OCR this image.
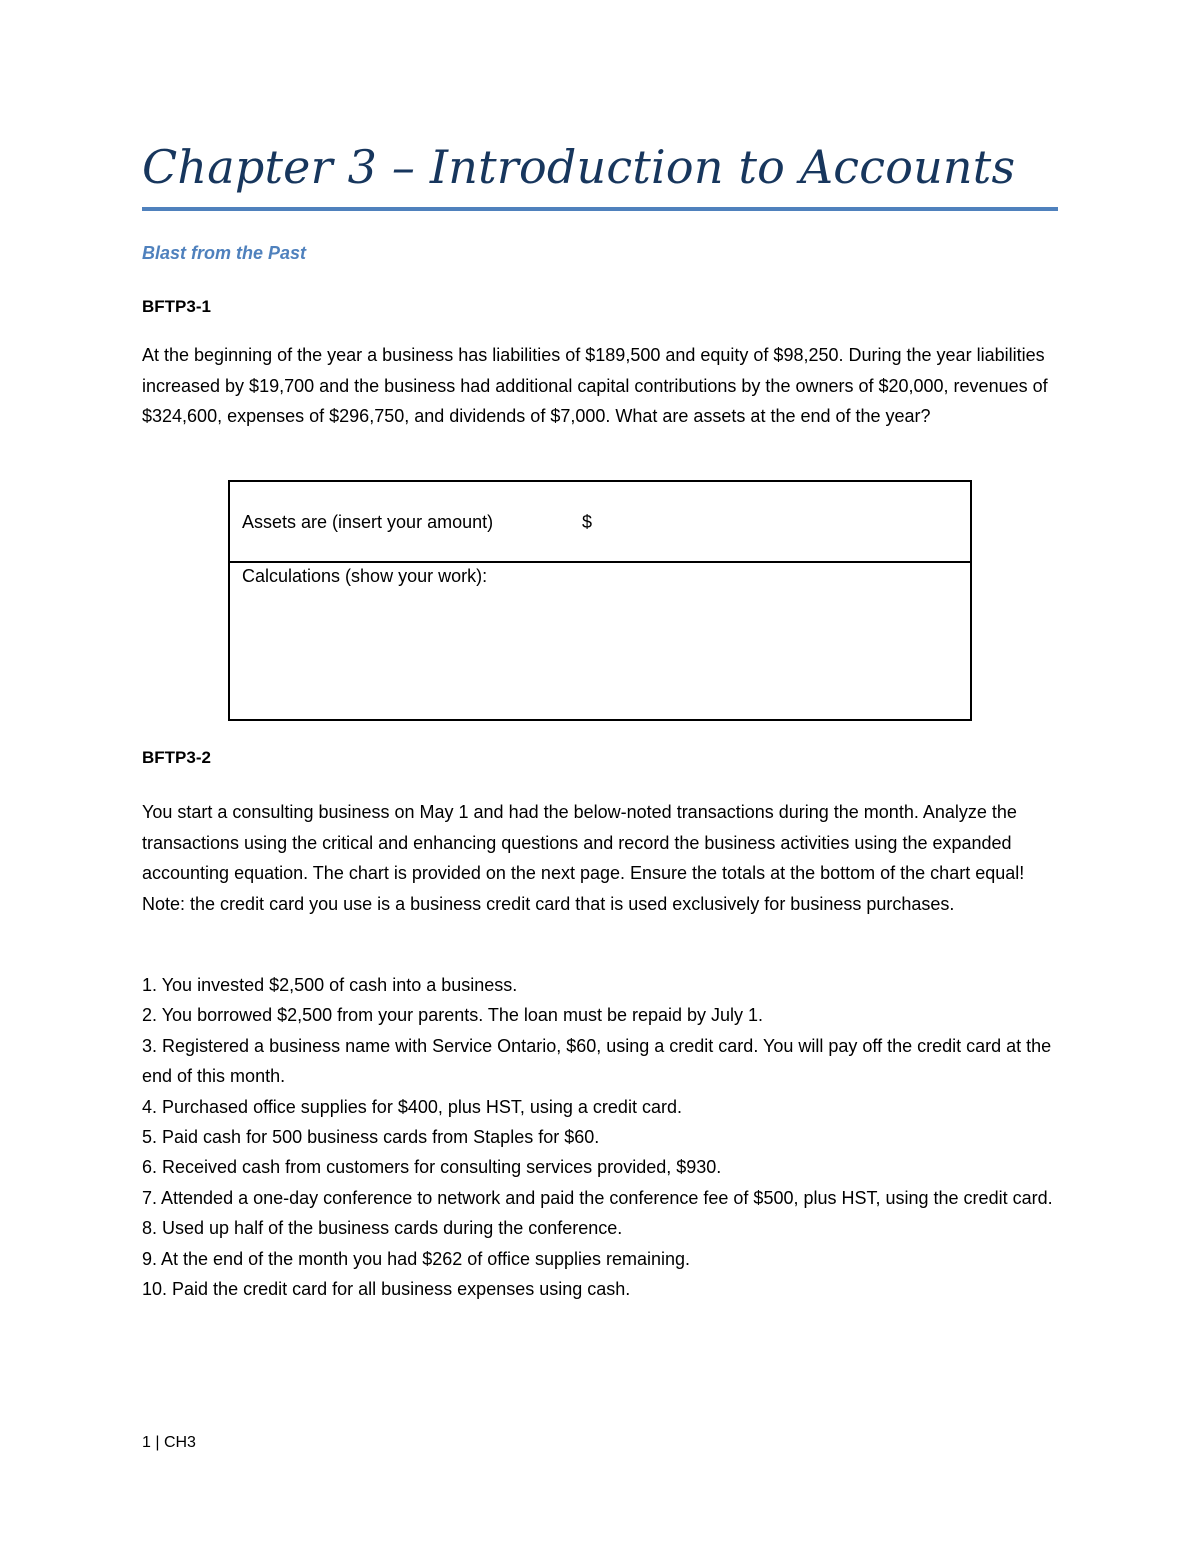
Chapter 3 – Introduction to Accounts
Blast from the Past
BFTP3-1
At the beginning of the year a business has liabilities of $189,500 and equity of $98,250. During the year liabilities increased by $19,700 and the business had additional capital contributions by the owners of $20,000, revenues of $324,600, expenses of $296,750, and dividends of $7,000. What are assets at the end of the year?
Assets are (insert your amount)	$
Calculations (show your work):
BFTP3-2
You start a consulting business on May 1 and had the below-noted transactions during the month. Analyze the transactions using the critical and enhancing questions and record the business activities using the expanded accounting equation. The chart is provided on the next page. Ensure the totals at the bottom of the chart equal! Note: the credit card you use is a business credit card that is used exclusively for business purchases.
1. You invested $2,500 of cash into a business.
2. You borrowed $2,500 from your parents. The loan must be repaid by July 1.
3. Registered a business name with Service Ontario, $60, using a credit card. You will pay off the credit card at the end of this month.
4. Purchased office supplies for $400, plus HST, using a credit card.
5. Paid cash for 500 business cards from Staples for $60.
6. Received cash from customers for consulting services provided, $930.
7. Attended a one-day conference to network and paid the conference fee of $500, plus HST, using the credit card.
8. Used up half of the business cards during the conference.
9. At the end of the month you had $262 of office supplies remaining.
10. Paid the credit card for all business expenses using cash.
1 | CH3
